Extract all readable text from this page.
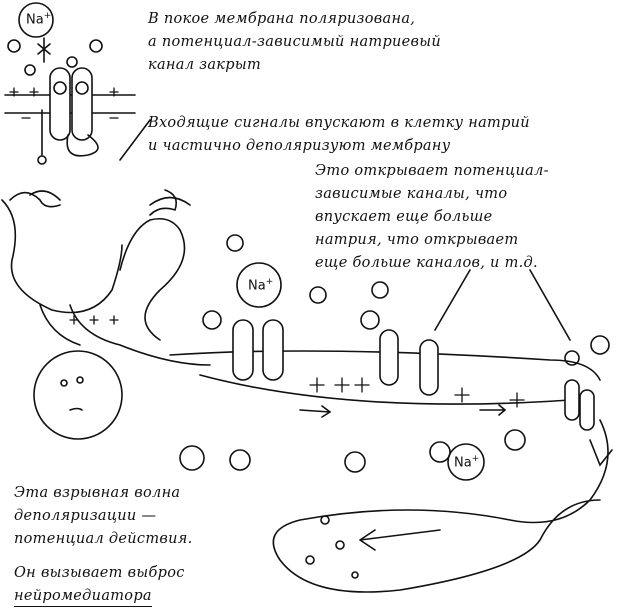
Na+
Na+
Na+
В покое мембрана поляризована,
а потенциал-зависимый натриевый
канал закрыт
Входящие сигналы впускают в клетку натрий
и частично деполяризуют мембрану
Это открывает потенциал-
зависимые каналы, что
впускает еще больше
натрия, что открывает
еще больше каналов, и т.д.
Эта взрывная волна
деполяризации —
потенциал действия.
Он вызывает выброс
нейромедиатора
